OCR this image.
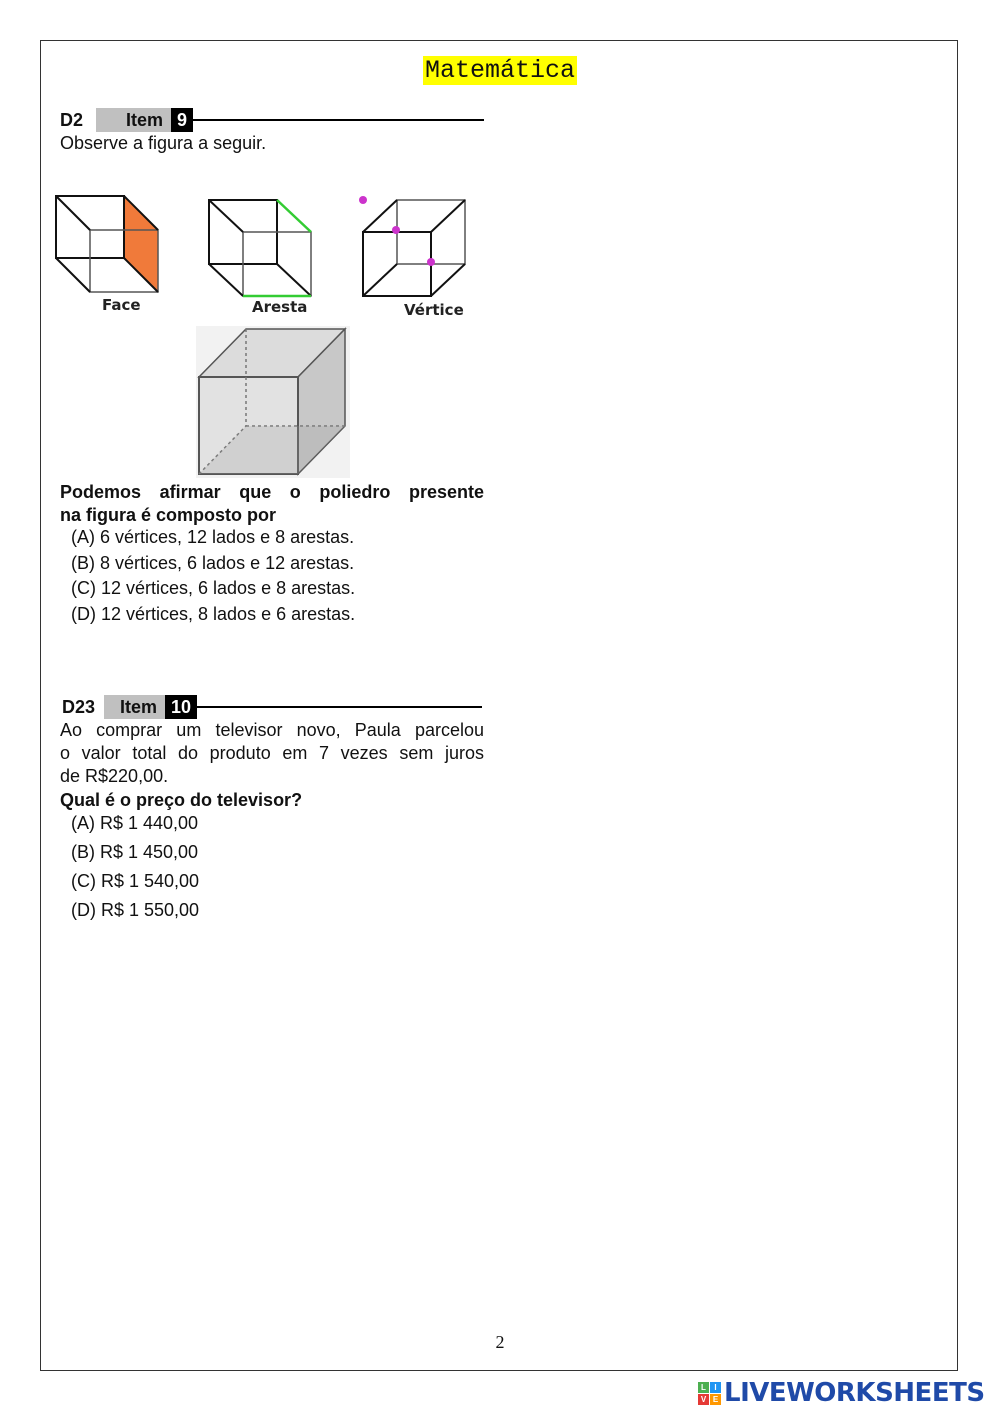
Matemática
D2	Item 9
Observe a figura a seguir.
Face	Aresta	Vértice
Podemos afirmar que o poliedro presente
na figura é composto por
(A) 6 vértices, 12 lados e 8 arestas.
(B) 8 vértices, 6 lados e 12 arestas.
(C) 12 vértices, 6 lados e 8 arestas.
(D) 12 vértices, 8 lados e 6 arestas.
D23	Item 10
Ao comprar um televisor novo, Paula parcelou
o valor total do produto em 7 vezes sem juros
de R$220,00.
Qual é o preço do televisor?
(A) R$ 1 440,00
(B) R$ 1 450,00
(C) R$ 1 540,00
(D) R$ 1 550,00
2
L	I
V E LIVEWORKSHEETS
